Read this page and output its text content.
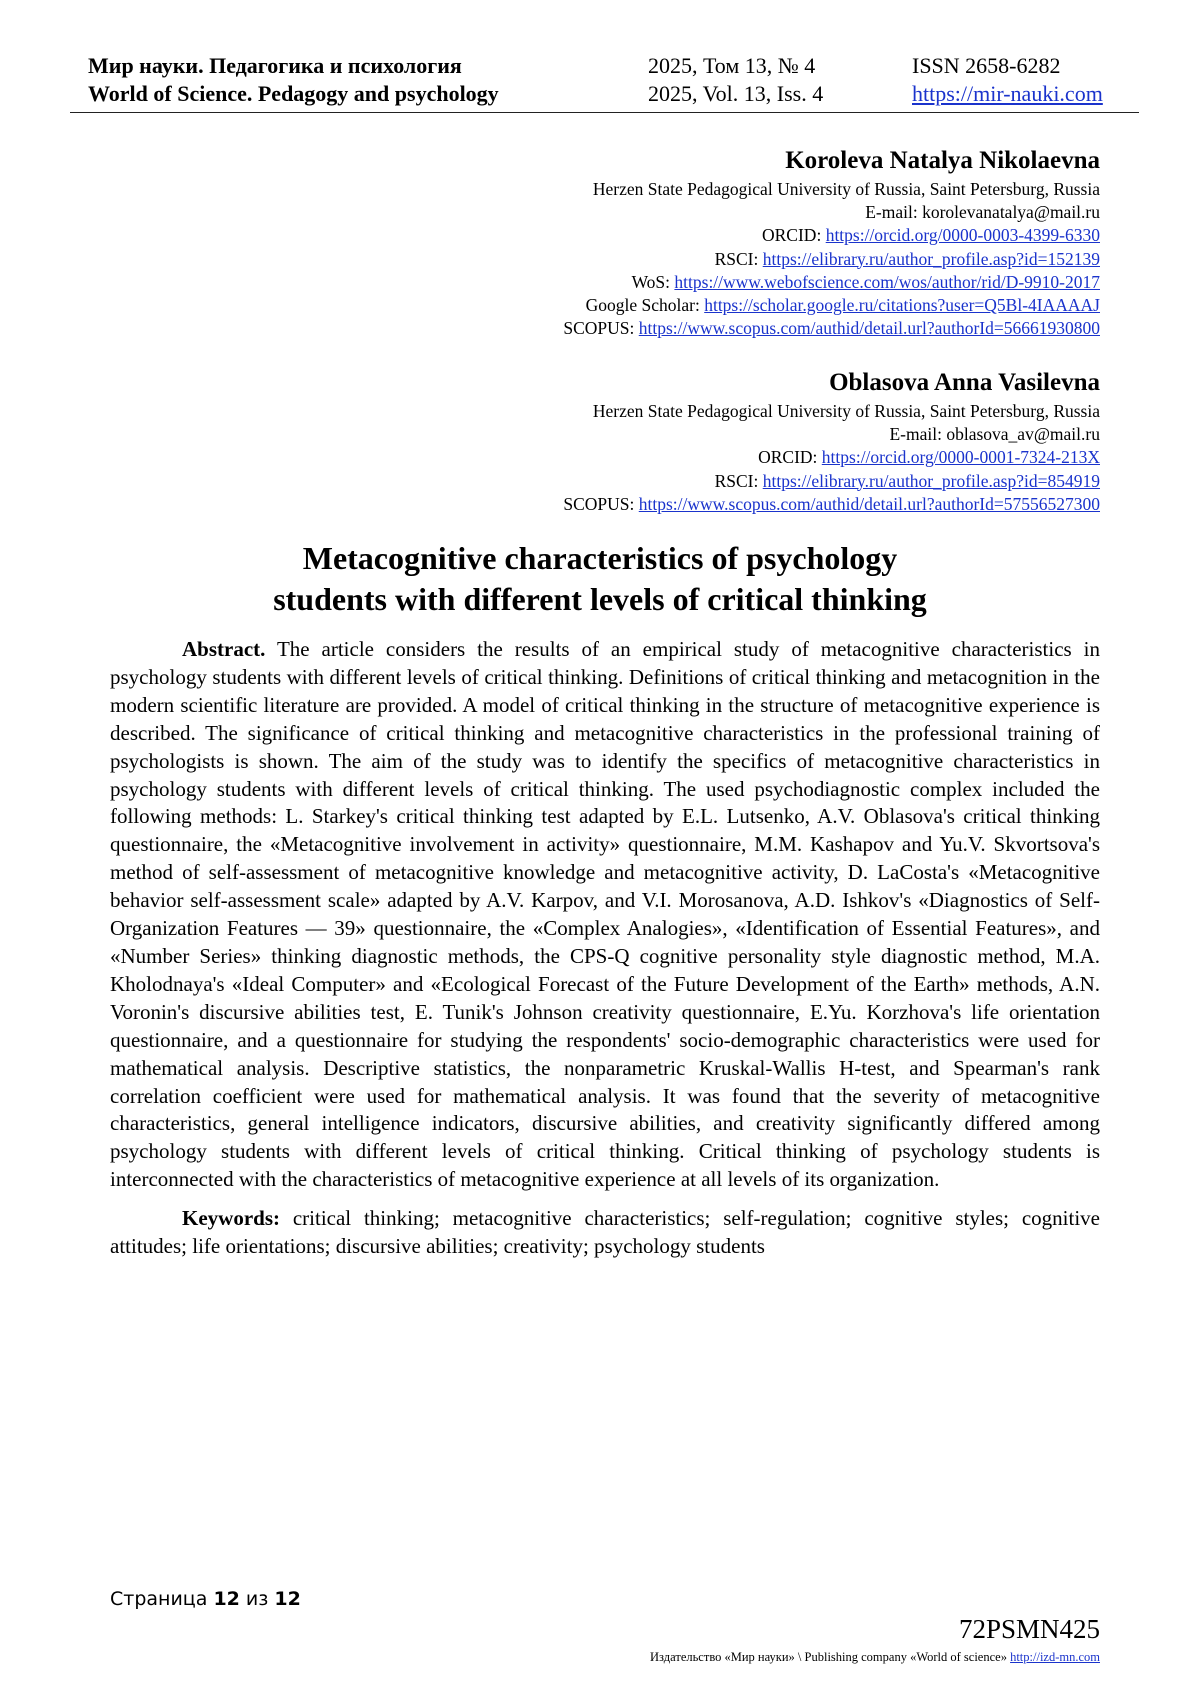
Мир науки. Педагогика и психология
World of Science. Pedagogy and psychology
2025, Том 13, № 4
2025, Vol. 13, Iss. 4
ISSN 2658-6282
https://mir-nauki.com
Koroleva Natalya Nikolaevna
Herzen State Pedagogical University of Russia, Saint Petersburg, Russia
E-mail: korolevanatalya@mail.ru
ORCID: https://orcid.org/0000-0003-4399-6330
RSCI: https://elibrary.ru/author_profile.asp?id=152139
WoS: https://www.webofscience.com/wos/author/rid/D-9910-2017
Google Scholar: https://scholar.google.ru/citations?user=Q5Bl-4IAAAAJ
SCOPUS: https://www.scopus.com/authid/detail.url?authorId=56661930800
Oblasova Anna Vasilevna
Herzen State Pedagogical University of Russia, Saint Petersburg, Russia
E-mail: oblasova_av@mail.ru
ORCID: https://orcid.org/0000-0001-7324-213X
RSCI: https://elibrary.ru/author_profile.asp?id=854919
SCOPUS: https://www.scopus.com/authid/detail.url?authorId=57556527300
Metacognitive characteristics of psychology
students with different levels of critical thinking

Abstract. The article considers the results of an empirical study of metacognitive characteristics in psychology students with different levels of critical thinking. Definitions of critical thinking and metacognition in the modern scientific literature are provided. A model of critical thinking in the structure of metacognitive experience is described. The significance of critical thinking and metacognitive characteristics in the professional training of psychologists is shown. The aim of the study was to identify the specifics of metacognitive characteristics in psychology students with different levels of critical thinking. The used psychodiagnostic complex included the following methods: L. Starkey's critical thinking test adapted by E.L. Lutsenko, A.V. Oblasova's critical thinking questionnaire, the «Metacognitive involvement in activity» questionnaire, M.M. Kashapov and Yu.V. Skvortsova's method of self-assessment of metacognitive knowledge and metacognitive activity, D. LaCosta's «Metacognitive behavior self-assessment scale» adapted by A.V. Karpov, and V.I. Morosanova, A.D. Ishkov's «Diagnostics of Self-Organization Features — 39» questionnaire, the «Complex Analogies», «Identification of Essential Features», and «Number Series» thinking diagnostic methods, the CPS-Q cognitive personality style diagnostic method, M.A. Kholodnaya's «Ideal Computer» and «Ecological Forecast of the Future Development of the Earth» methods, A.N. Voronin's discursive abilities test, E. Tunik's Johnson creativity questionnaire, E.Yu. Korzhova's life orientation questionnaire, and a questionnaire for studying the respondents' socio-demographic characteristics were used for mathematical analysis. Descriptive statistics, the nonparametric Kruskal-Wallis H-test, and Spearman's rank correlation coefficient were used for mathematical analysis. It was found that the severity of metacognitive characteristics, general intelligence indicators, discursive abilities, and creativity significantly differed among psychology students with different levels of critical thinking. Critical thinking of psychology students is interconnected with the characteristics of metacognitive experience at all levels of its organization.

Keywords: critical thinking; metacognitive characteristics; self-regulation; cognitive styles; cognitive attitudes; life orientations; discursive abilities; creativity; psychology students

Страница 12 из 12
72PSMN425
Издательство «Мир науки» \ Publishing company «World of science» http://izd-mn.com
